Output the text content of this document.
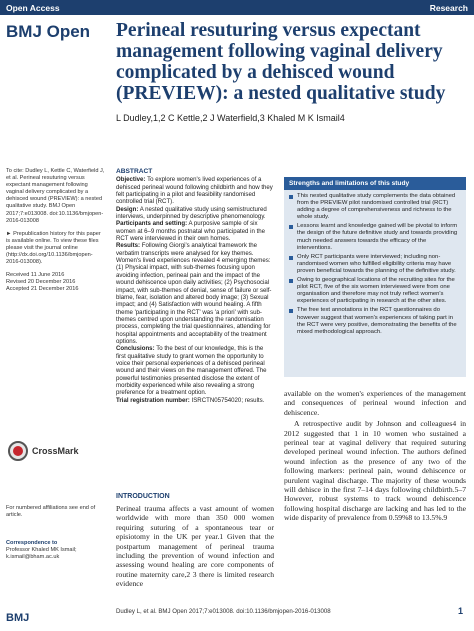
Open Access	Research
BMJ Open Perineal resuturing versus expectant management following vaginal delivery complicated by a dehisced wound (PREVIEW): a nested qualitative study
L Dudley,1,2 C Kettle,2 J Waterfield,3 Khaled M K Ismail4

To cite: Dudley L, Kettle C, Waterfield J, et al. Perineal resuturing versus expectant management following vaginal delivery complicated by a dehisced wound (PREVIEW): a nested qualitative study. BMJ Open 2017;7:e013008. doi:10.1136/bmjopen-2016-013008

► Prepublication history for this paper is available online. To view these files please visit the journal online (http://dx.doi.org/10.1136/bmjopen-2016-013008).

Received 11 June 2016
Revised 20 December 2016
Accepted 21 December 2016
CrossMark
For numbered affiliations see end of article.
Correspondence to
Professor Khaled MK Ismail; k.ismail@bham.ac.uk
ABSTRACT

Objective: To explore women's lived experiences of a dehisced perineal wound following childbirth and how they felt participating in a pilot and feasibility randomised controlled trial (RCT).

Design: A nested qualitative study using semistructured interviews, underpinned by descriptive phenomenology.

Participants and setting: A purposive sample of six women at 6–9 months postnatal who participated in the RCT were interviewed in their own homes.

Results: Following Giorgi's analytical framework the verbatim transcripts were analysed for key themes. Women's lived experiences revealed 4 emerging themes: (1) Physical impact, with sub-themes focusing upon avoiding infection, perineal pain and the impact of the wound dehiscence upon daily activities; (2) Psychosocial impact, with sub-themes of denial, sense of failure or self-blame, fear, isolation and altered body image; (3) Sexual impact; and (4) Satisfaction with wound healing. A fifth theme 'participating in the RCT' was 'a priori' with sub-themes centred upon understanding the randomisation process, completing the trial questionnaires, attending for hospital appointments and acceptability of the treatment options.

Conclusions: To the best of our knowledge, this is the first qualitative study to grant women the opportunity to voice their personal experiences of a dehisced perineal wound and their views on the management offered. The powerful testimonies presented disclose the extent of morbidity experienced while also revealing a strong preference for a treatment option.

Trial registration number: ISRCTN05754020; results.

INTRODUCTION
Perineal trauma affects a vast amount of women worldwide with more than 350 000 women requiring suturing of a spontaneous tear or episiotomy in the UK per year.1 Given that the postpartum management of perineal trauma including the prevention of wound infection and assessing wound healing are core components of routine maternity care,2 3 there is limited research evidence
Strengths and limitations of this study
This nested qualitative study complements the data obtained from the PREVIEW pilot randomised controlled trial (RCT) adding a degree of comprehensiveness and richness to the whole study.
Lessons learnt and knowledge gained will be pivotal to inform the design of the future definitive study and towards providing much needed answers towards the efficacy of the interventions.
Only RCT participants were interviewed; including non-randomised women who fulfilled eligibility criteria may have proven beneficial towards the planning of the definitive study.
Owing to geographical locations of the recruiting sites for the pilot RCT, five of the six women interviewed were from one organisation and therefore may not truly reflect women's experiences of participating in research at the other sites.
The free text annotations in the RCT questionnaires do however suggest that women's experiences of taking part in the RCT were very positive, demonstrating the benefits of the mixed methodological approach.

available on the women's experiences of the management and consequences of perineal wound infection and dehiscence.

A retrospective audit by Johnson and colleagues4 in 2012 suggested that 1 in 10 women who sustained a perineal tear at vaginal delivery that required suturing developed perineal wound infection. The authors defined wound infection as the presence of any two of the following markers: perineal pain, wound dehiscence or purulent vaginal discharge. The majority of these wounds will dehisce in the first 7–14 days following childbirth.5–7 However, robust systems to track wound dehiscence following hospital discharge are lacking and has led to the wide disparity of prevalence from 0.59%8 to 13.5%.9

BMJ
Dudley L, et al. BMJ Open 2017;7:e013008. doi:10.1136/bmjopen-2016-013008	1
